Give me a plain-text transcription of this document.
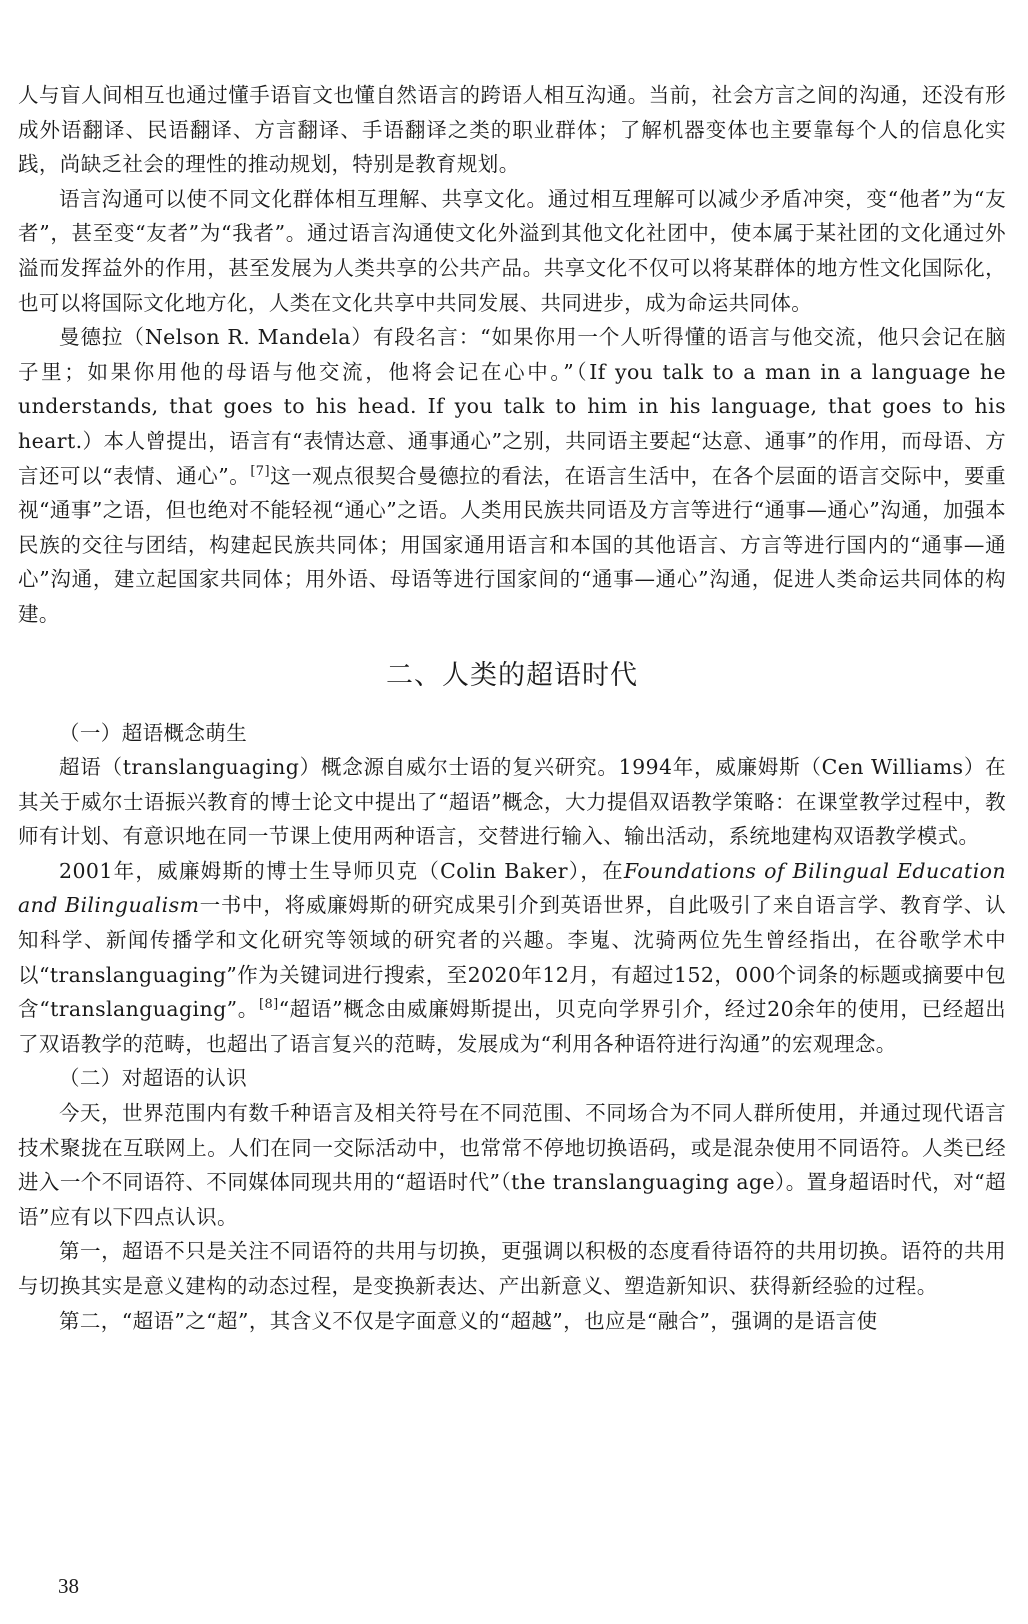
人与盲人间相互也通过懂手语盲文也懂自然语言的跨语人相互沟通。当前，社会方言之间的沟通，还没有形成外语翻译、民语翻译、方言翻译、手语翻译之类的职业群体；了解机器变体也主要靠每个人的信息化实践，尚缺乏社会的理性的推动规划，特别是教育规划。

语言沟通可以使不同文化群体相互理解、共享文化。通过相互理解可以减少矛盾冲突，变“他者”为“友者”，甚至变“友者”为“我者”。通过语言沟通使文化外溢到其他文化社团中，使本属于某社团的文化通过外溢而发挥益外的作用，甚至发展为人类共享的公共产品。共享文化不仅可以将某群体的地方性文化国际化，也可以将国际文化地方化，人类在文化共享中共同发展、共同进步，成为命运共同体。

曼德拉（Nelson R. Mandela）有段名言：“如果你用一个人听得懂的语言与他交流，他只会记在脑子里；如果你用他的母语与他交流，他将会记在心中。”（If you talk to a man in a language he understands, that goes to his head. If you talk to him in his language, that goes to his heart.）本人曾提出，语言有“表情达意、通事通心”之别，共同语主要起“达意、通事”的作用，而母语、方言还可以“表情、通心”。[7]这一观点很契合曼德拉的看法，在语言生活中，在各个层面的语言交际中，要重视“通事”之语，但也绝对不能轻视“通心”之语。人类用民族共同语及方言等进行“通事—通心”沟通，加强本民族的交往与团结，构建起民族共同体；用国家通用语言和本国的其他语言、方言等进行国内的“通事—通心”沟通，建立起国家共同体；用外语、母语等进行国家间的“通事—通心”沟通，促进人类命运共同体的构建。

二、人类的超语时代

（一）超语概念萌生

超语（translanguaging）概念源自威尔士语的复兴研究。1994年，威廉姆斯（Cen Williams）在其关于威尔士语振兴教育的博士论文中提出了“超语”概念，大力提倡双语教学策略：在课堂教学过程中，教师有计划、有意识地在同一节课上使用两种语言，交替进行输入、输出活动，系统地建构双语教学模式。

2001年，威廉姆斯的博士生导师贝克（Colin Baker），在Foundations of Bilingual Education and Bilingualism一书中，将威廉姆斯的研究成果引介到英语世界，自此吸引了来自语言学、教育学、认知科学、新闻传播学和文化研究等领域的研究者的兴趣。李嵬、沈骑两位先生曾经指出，在谷歌学术中以“translanguaging”作为关键词进行搜索，至2020年12月，有超过152，000个词条的标题或摘要中包含“translanguaging”。[8]“超语”概念由威廉姆斯提出，贝克向学界引介，经过20余年的使用，已经超出了双语教学的范畴，也超出了语言复兴的范畴，发展成为“利用各种语符进行沟通”的宏观理念。

（二）对超语的认识

今天，世界范围内有数千种语言及相关符号在不同范围、不同场合为不同人群所使用，并通过现代语言技术聚拢在互联网上。人们在同一交际活动中，也常常不停地切换语码，或是混杂使用不同语符。人类已经进入一个不同语符、不同媒体同现共用的“超语时代”（the translanguaging age）。置身超语时代，对“超语”应有以下四点认识。

第一，超语不只是关注不同语符的共用与切换，更强调以积极的态度看待语符的共用切换。语符的共用与切换其实是意义建构的动态过程，是变换新表达、产出新意义、塑造新知识、获得新经验的过程。

第二，“超语”之“超”，其含义不仅是字面意义的“超越”，也应是“融合”，强调的是语言使

38
